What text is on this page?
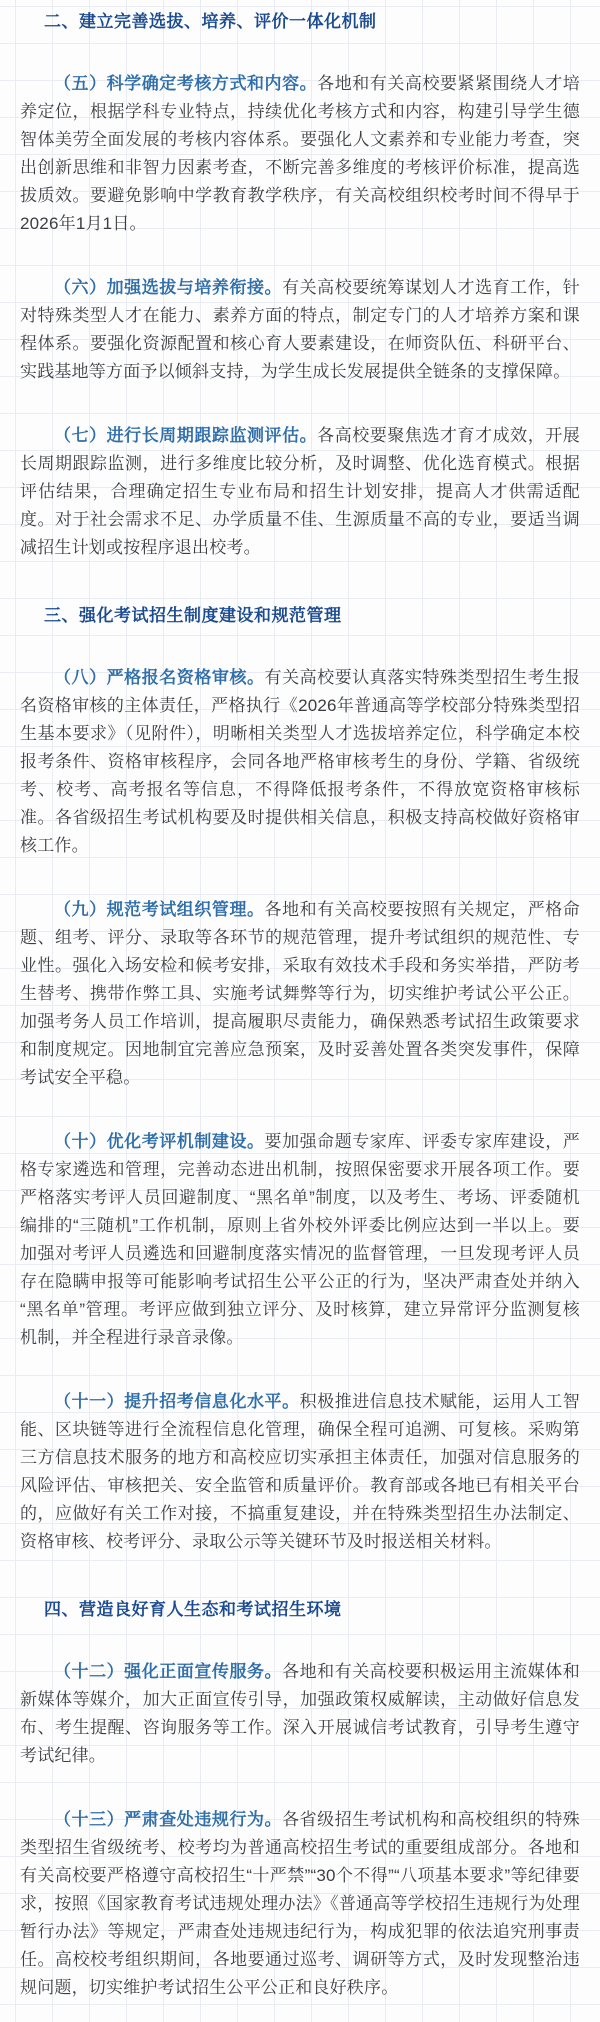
二、建立完善选拔、培养、评价一体化机制

（五）科学确定考核方式和内容。各地和有关高校要紧紧围绕人才培养定位，根据学科专业特点，持续优化考核方式和内容，构建引导学生德智体美劳全面发展的考核内容体系。要强化人文素养和专业能力考查，突出创新思维和非智力因素考查，不断完善多维度的考核评价标准，提高选拔质效。要避免影响中学教育教学秩序，有关高校组织校考时间不得早于2026年1月1日。

（六）加强选拔与培养衔接。有关高校要统筹谋划人才选育工作，针对特殊类型人才在能力、素养方面的特点，制定专门的人才培养方案和课程体系。要强化资源配置和核心育人要素建设，在师资队伍、科研平台、实践基地等方面予以倾斜支持，为学生成长发展提供全链条的支撑保障。

（七）进行长周期跟踪监测评估。各高校要聚焦选才育才成效，开展长周期跟踪监测，进行多维度比较分析，及时调整、优化选育模式。根据评估结果，合理确定招生专业布局和招生计划安排，提高人才供需适配度。对于社会需求不足、办学质量不佳、生源质量不高的专业，要适当调减招生计划或按程序退出校考。

三、强化考试招生制度建设和规范管理

（八）严格报名资格审核。有关高校要认真落实特殊类型招生考生报名资格审核的主体责任，严格执行《2026年普通高等学校部分特殊类型招生基本要求》（见附件），明晰相关类型人才选拔培养定位，科学确定本校报考条件、资格审核程序，会同各地严格审核考生的身份、学籍、省级统考、校考、高考报名等信息，不得降低报考条件，不得放宽资格审核标准。各省级招生考试机构要及时提供相关信息，积极支持高校做好资格审核工作。

（九）规范考试组织管理。各地和有关高校要按照有关规定，严格命题、组考、评分、录取等各环节的规范管理，提升考试组织的规范性、专业性。强化入场安检和候考安排，采取有效技术手段和务实举措，严防考生替考、携带作弊工具、实施考试舞弊等行为，切实维护考试公平公正。加强考务人员工作培训，提高履职尽责能力，确保熟悉考试招生政策要求和制度规定。因地制宜完善应急预案，及时妥善处置各类突发事件，保障考试安全平稳。

（十）优化考评机制建设。要加强命题专家库、评委专家库建设，严格专家遴选和管理，完善动态进出机制，按照保密要求开展各项工作。要严格落实考评人员回避制度、“黑名单”制度，以及考生、考场、评委随机编排的“三随机”工作机制，原则上省外校外评委比例应达到一半以上。要加强对考评人员遴选和回避制度落实情况的监督管理，一旦发现考评人员存在隐瞒申报等可能影响考试招生公平公正的行为，坚决严肃查处并纳入“黑名单”管理。考评应做到独立评分、及时核算，建立异常评分监测复核机制，并全程进行录音录像。

（十一）提升招考信息化水平。积极推进信息技术赋能，运用人工智能、区块链等进行全流程信息化管理，确保全程可追溯、可复核。采购第三方信息技术服务的地方和高校应切实承担主体责任，加强对信息服务的风险评估、审核把关、安全监管和质量评价。教育部或各地已有相关平台的，应做好有关工作对接，不搞重复建设，并在特殊类型招生办法制定、资格审核、校考评分、录取公示等关键环节及时报送相关材料。

四、营造良好育人生态和考试招生环境

（十二）强化正面宣传服务。各地和有关高校要积极运用主流媒体和新媒体等媒介，加大正面宣传引导，加强政策权威解读，主动做好信息发布、考生提醒、咨询服务等工作。深入开展诚信考试教育，引导考生遵守考试纪律。

（十三）严肃查处违规行为。各省级招生考试机构和高校组织的特殊类型招生省级统考、校考均为普通高校招生考试的重要组成部分。各地和有关高校要严格遵守高校招生“十严禁”“30个不得”“八项基本要求”等纪律要求，按照《国家教育考试违规处理办法》《普通高等学校招生违规行为处理暂行办法》等规定，严肃查处违规违纪行为，构成犯罪的依法追究刑事责任。高校校考组织期间，各地要通过巡考、调研等方式，及时发现整治违规问题，切实维护考试招生公平公正和良好秩序。
